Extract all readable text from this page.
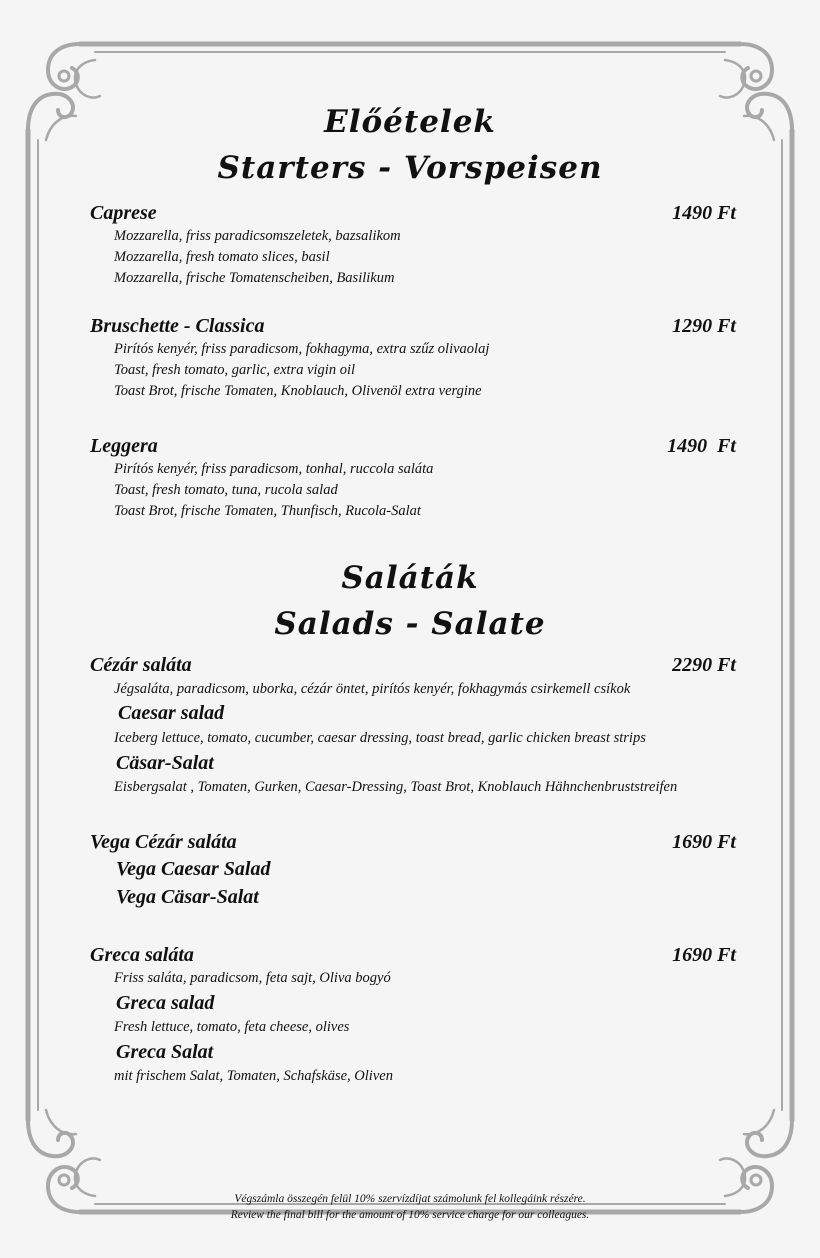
Előételek
Starters - Vorspeisen
Caprese	1490 Ft
Mozzarella, friss paradicsomszeletek, bazsalikom
Mozzarella, fresh tomato slices, basil
Mozzarella, frische Tomatenscheiben, Basilikum
Bruschette - Classica	1290 Ft
Pirítós kenyér, friss paradicsom, fokhagyma, extra szűz olivaolaj
Toast, fresh tomato, garlic, extra vigin oil
Toast Brot, frische Tomaten, Knoblauch, Olivenöl extra vergine
Leggera	1490  Ft
Pirítós kenyér, friss paradicsom, tonhal, ruccola saláta
Toast, fresh tomato, tuna, rucola salad
Toast Brot, frische Tomaten, Thunfisch, Rucola-Salat
Saláták
Salads - Salate
Cézár saláta	2290 Ft
Jégsaláta, paradicsom, uborka, cézár öntet, pirítós kenyér, fokhagymás csirkemell csíkok
Caesar salad
Iceberg lettuce, tomato, cucumber, caesar dressing, toast bread, garlic chicken breast strips
Cäsar-Salat
Eisbergsalat , Tomaten, Gurken, Caesar-Dressing, Toast Brot, Knoblauch Hähnchenbruststreifen
Vega Cézár saláta	1690 Ft
Vega Caesar Salad
Vega Cäsar-Salat
Greca saláta	1690 Ft
Friss saláta, paradicsom, feta sajt, Oliva bogyó
Greca salad
Fresh lettuce, tomato, feta cheese, olives
Greca Salat
mit frischem Salat, Tomaten, Schafskäse, Oliven
Végszámla összegén felül 10% szervízdíjat számolunk fel kollegáink részére.
Review the final bill for the amount of 10% service charge for our colleagues.
